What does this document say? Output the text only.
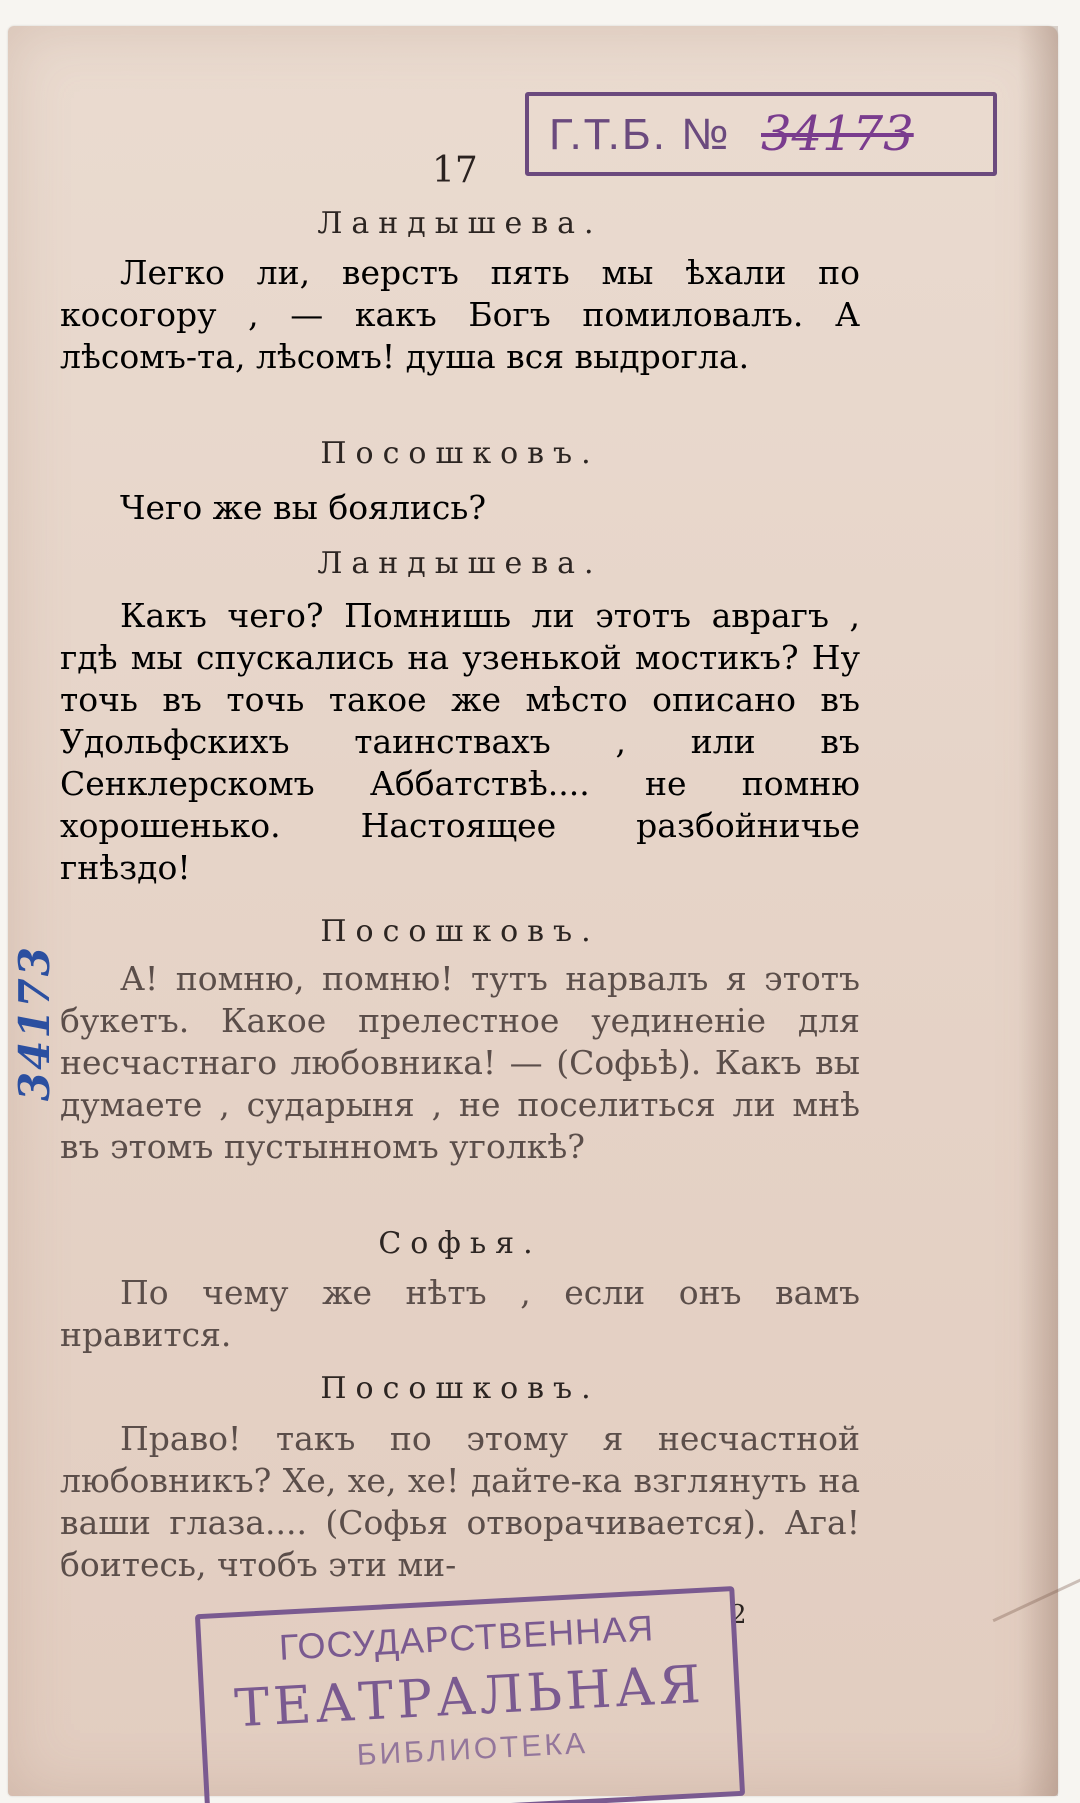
Г.Т.Б. № 34173
17
34173

Ландышева.

Легко ли, верстъ пять мы ѣхали по косогору , — какъ Богъ помиловалъ. А лѣсомъ-та, лѣсомъ! душа вся выдрогла.

Посошковъ.

Чего же вы боялись?

Ландышева.

Какъ чего? Помнишь ли этотъ аврагъ , гдѣ мы спускались на узенькой мостикъ? Ну точь въ точь такое же мѣсто описано въ Удольфскихъ таинствахъ , или въ Сенклерскомъ Аббатствѣ.... не помню хорошенько. Настоящее разбойничье гнѣздо!

Посошковъ.

А! помню, помню! тутъ нарвалъ я этотъ букетъ. Какое прелестное уединеніе для несчастнаго любовника! — (Софьѣ). Какъ вы думаете , сударыня , не поселиться ли мнѣ въ этомъ пустынномъ уголкѣ?

Софья.

По чему же нѣтъ , если онъ вамъ нравится.

Посошковъ.

Право! такъ по этому я несчастной любовникъ? Хе, хе, хе! дайте-ка взглянуть на ваши глаза.... (Софья отворачивается). Ага! боитесь, чтобъ эти ми-

2
ГОСУДАРСТВЕННАЯ
ТЕАТРАЛЬНАЯ
БИБЛИОТЕКА
